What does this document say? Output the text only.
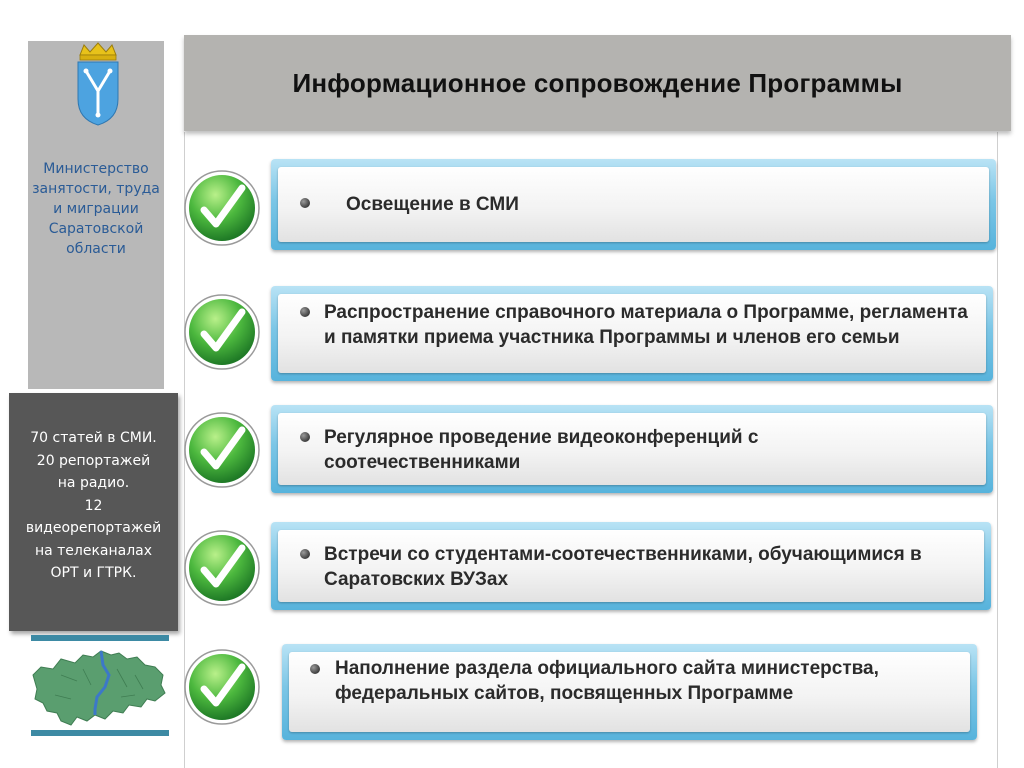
Министерство занятости, труда и миграции Саратовской области
70 статей в СМИ.
20 репортажей
на радио.
12
видеорепортажей
на телеканалах
ОРТ и ГТРК.
Информационное сопровождение Программы
Освещение в СМИ
Распространение справочного материала о Программе, регламента и памятки приема участника Программы и членов его семьи
Регулярное проведение видеоконференций с соотечественниками
Встречи со студентами-соотечественниками, обучающимися в Саратовских ВУЗах
Наполнение раздела официального сайта министерства, федеральных сайтов, посвященных Программе
